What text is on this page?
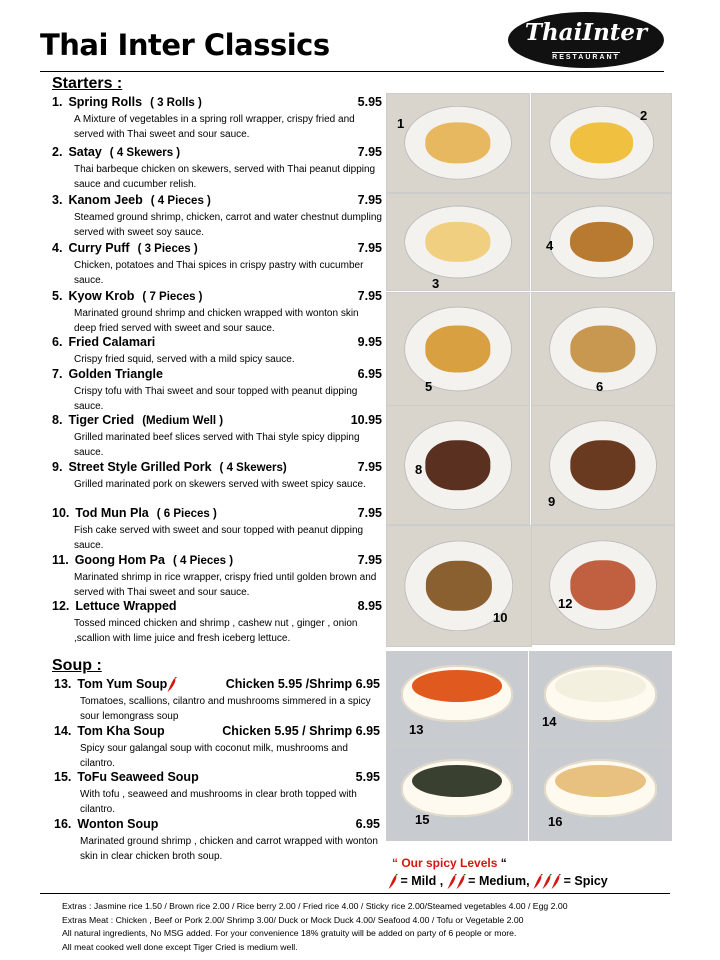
Thai Inter Classics	ThaiInter
RESTAURANT
Starters :
1. Spring Rolls ( 3 Rolls )	5.95
A Mixture of vegetables in a spring roll wrapper, crispy fried and served with Thai sweet and sour sauce.
2. Satay ( 4 Skewers )	7.95
Thai barbeque chicken on skewers, served with Thai peanut dipping sauce and cucumber relish.
3. Kanom Jeeb ( 4 Pieces )	7.95
Steamed ground shrimp, chicken, carrot and water chestnut dumpling served with sweet soy sauce.
4. Curry Puff ( 3 Pieces )	7.95
Chicken, potatoes and Thai spices in crispy pastry with cucumber sauce.
5. Kyow Krob ( 7 Pieces )	7.95
Marinated ground shrimp and chicken wrapped with wonton skin deep fried served with sweet and sour sauce.
6. Fried Calamari	9.95
Crispy fried squid, served with a mild spicy sauce.
7. Golden Triangle	6.95
Crispy tofu with Thai sweet and sour topped with peanut dipping sauce.
8. Tiger Cried (Medium Well )	10.95
Grilled marinated beef slices served with Thai style spicy dipping sauce.
9. Street Style Grilled Pork ( 4 Skewers)	7.95
Grilled marinated pork on skewers served with sweet spicy sauce.
10. Tod Mun Pla ( 6 Pieces )	7.95
Fish cake served with sweet and sour topped with peanut dipping sauce.
11. Goong Hom Pa ( 4 Pieces )	7.95
Marinated shrimp in rice wrapper, crispy fried until golden brown and served with Thai sweet and sour sauce.
12. Lettuce Wrapped	8.95
Tossed minced chicken and shrimp , cashew nut , ginger , onion ,scallion with lime juice and fresh iceberg lettuce.
Soup :
13. Tom Yum Soup	Chicken 5.95 /Shrimp 6.95
Tomatoes, scallions, cilantro and mushrooms simmered in a spicy sour lemongrass soup
14. Tom Kha Soup	Chicken 5.95 / Shrimp 6.95
Spicy sour galangal soup with coconut milk, mushrooms and cilantro.
15. ToFu Seaweed Soup	5.95
With tofu , seaweed and mushrooms in clear broth topped with cilantro.
16. Wonton Soup	6.95
Marinated ground shrimp , chicken and carrot wrapped with wonton skin in clear chicken broth soup.
1
2
3
4
5	6
8
9
10
12
13
14
15	16
“ Our spicy Levels “
= Mild , = Medium,	= Spicy
Extras : Jasmine rice 1.50 / Brown rice 2.00 / Rice berry 2.00 / Fried rice 4.00 / Sticky rice 2.00/Steamed vegetables 4.00 / Egg 2.00
Extras Meat : Chicken , Beef or Pork 2.00/ Shrimp 3.00/ Duck or Mock Duck 4.00/ Seafood 4.00 / Tofu or Vegetable 2.00
All natural ingredients, No MSG added. For your convenience 18% gratuity will be added on party of 6 people or more.
All meat cooked well done except Tiger Cried is medium well.
